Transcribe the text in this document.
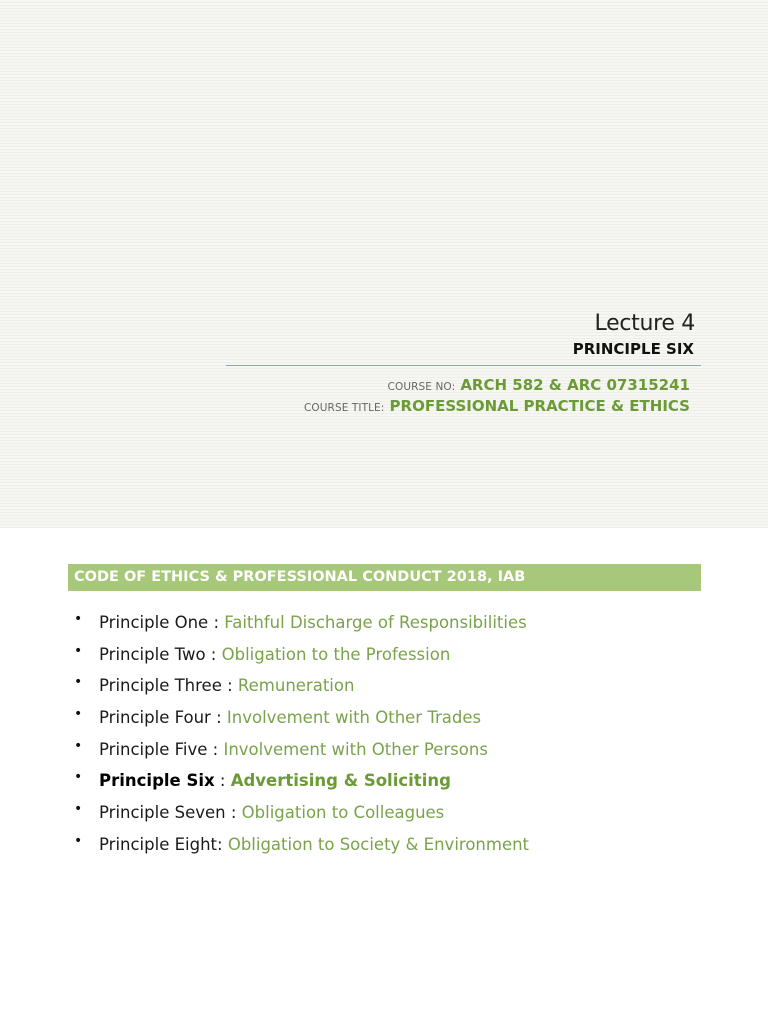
Lecture 4
PRINCIPLE SIX
COURSE NO: ARCH 582 & ARC 07315241
COURSE TITLE: PROFESSIONAL PRACTICE & ETHICS
CODE OF ETHICS & PROFESSIONAL CONDUCT 2018, IAB
• Principle One : Faithful Discharge of Responsibilities
• Principle Two : Obligation to the Profession
• Principle Three : Remuneration
• Principle Four : Involvement with Other Trades
• Principle Five : Involvement with Other Persons
• Principle Six : Advertising & Soliciting
• Principle Seven : Obligation to Colleagues
• Principle Eight: Obligation to Society & Environment
